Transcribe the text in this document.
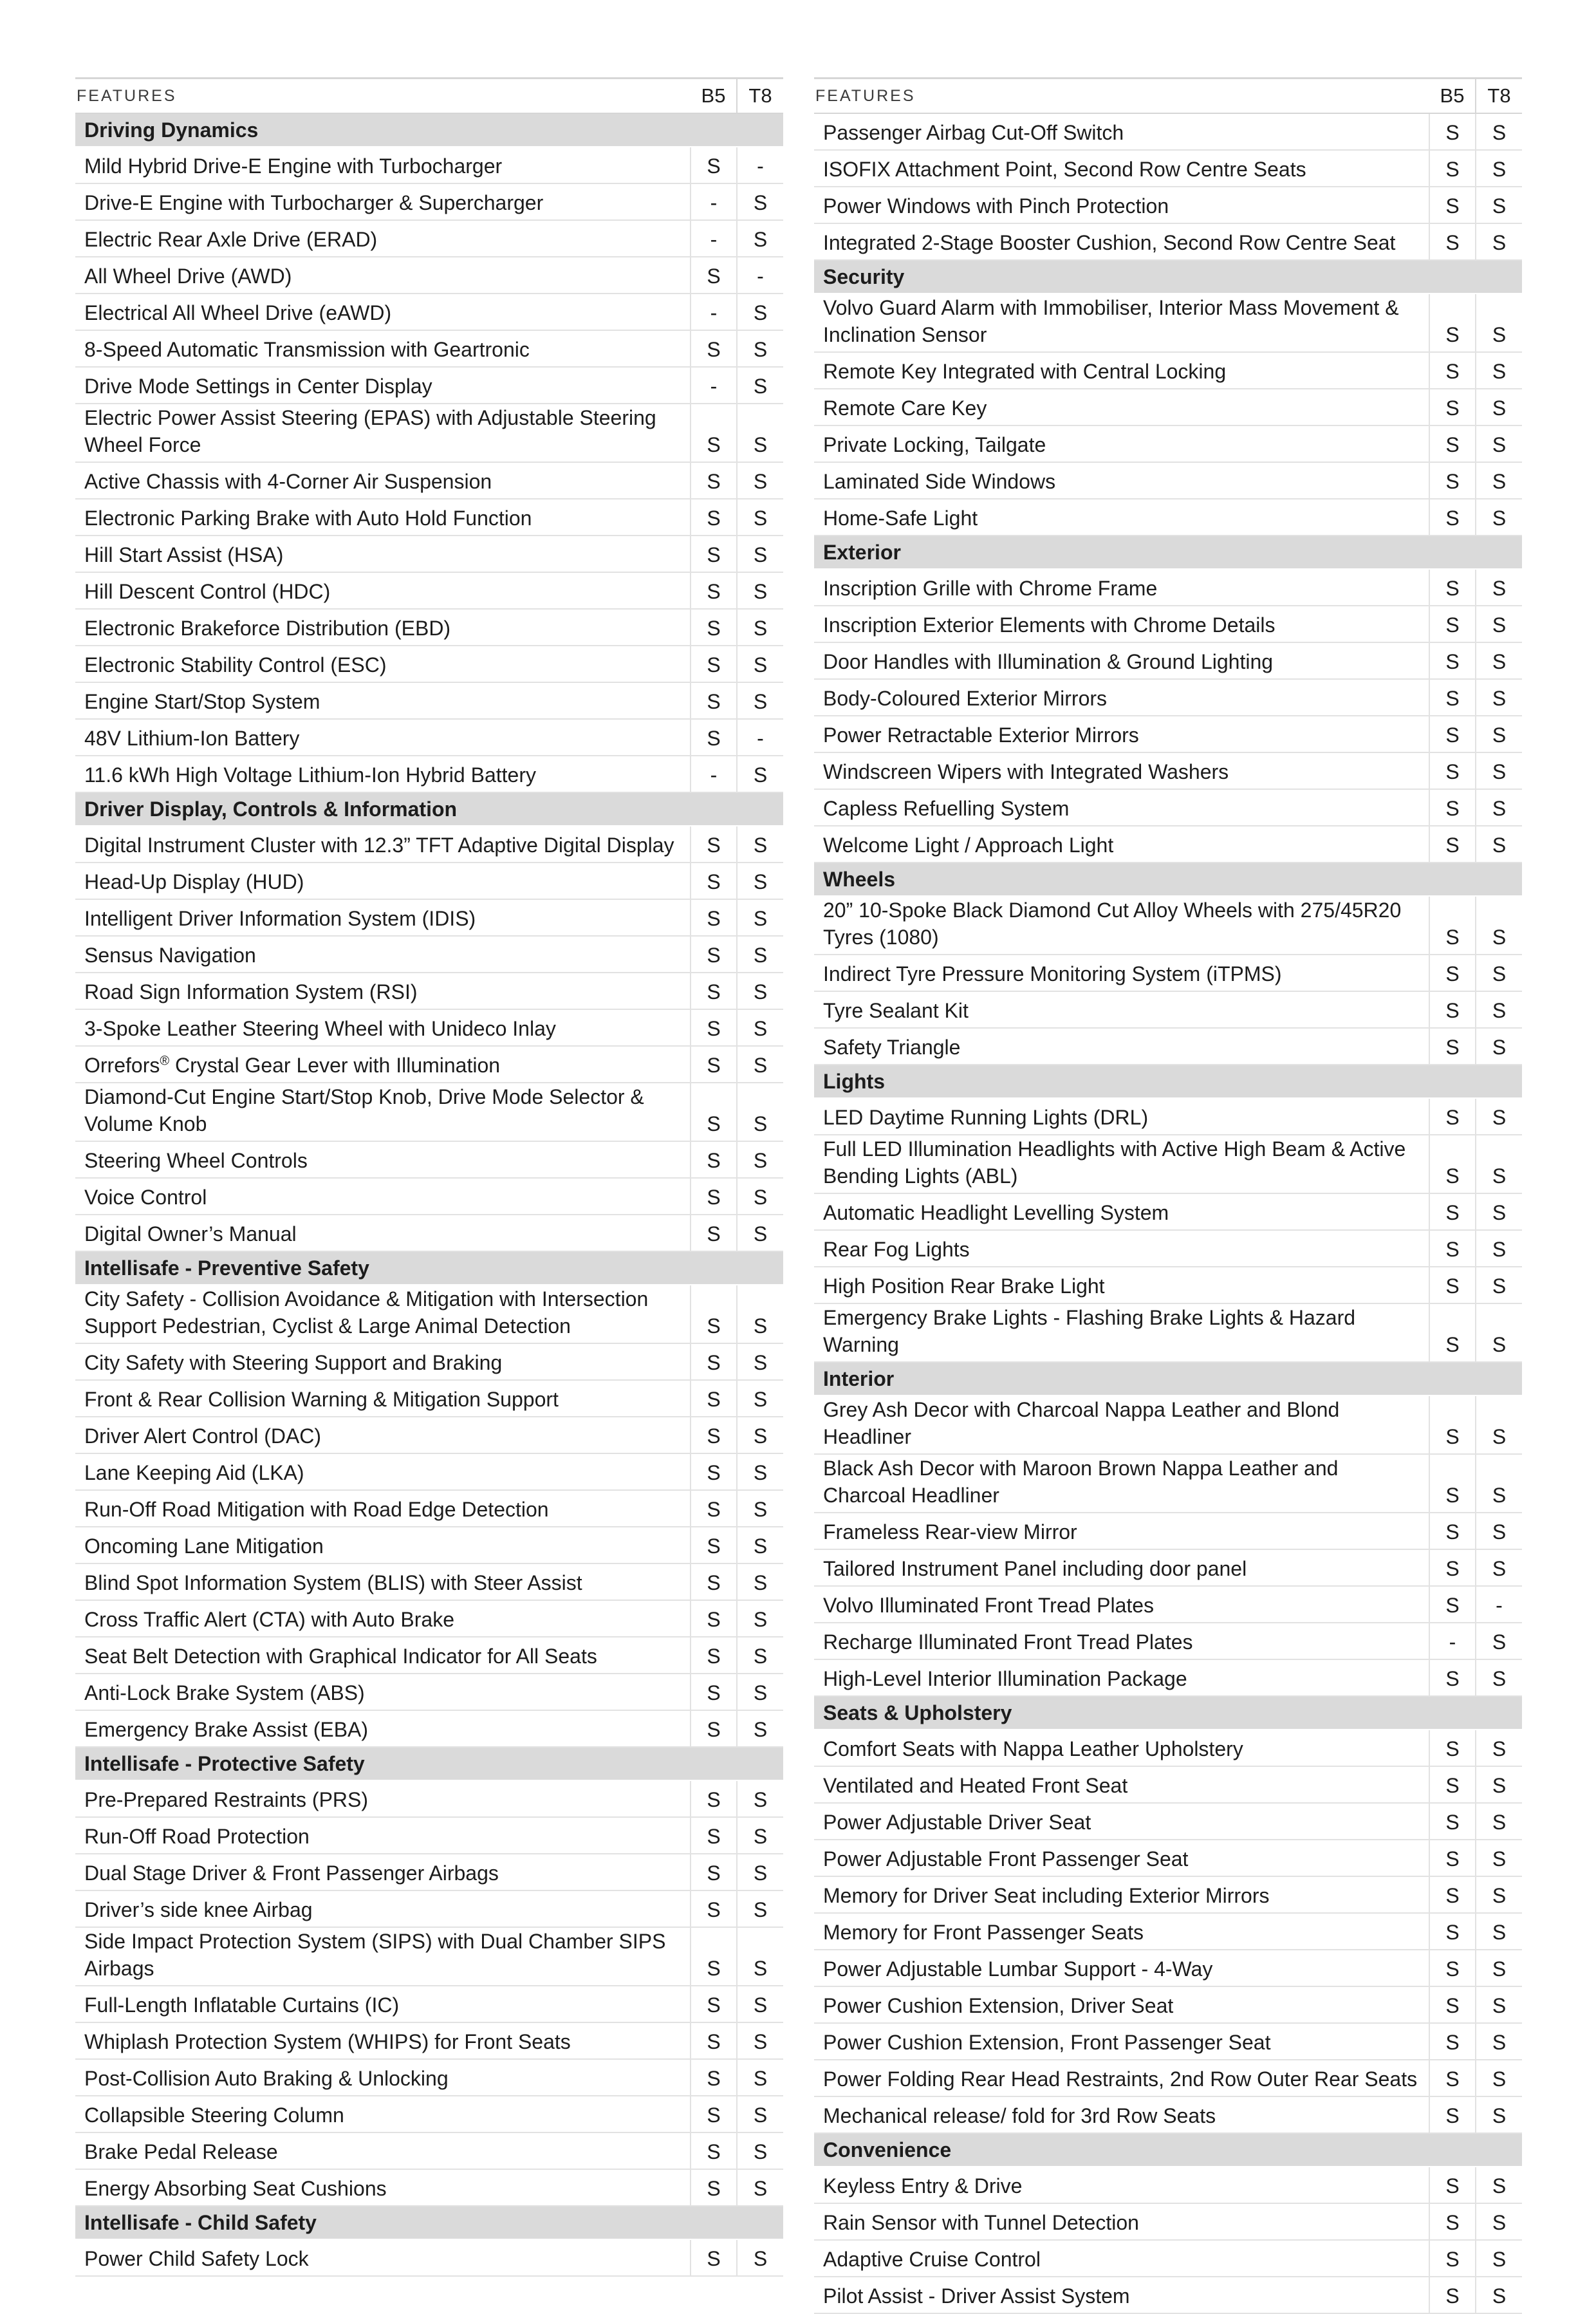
FEATURES	B5	T8
Driving Dynamics		
Mild Hybrid Drive-E Engine with Turbocharger	S	-
Drive-E Engine with Turbocharger & Supercharger	-	S
Electric Rear Axle Drive (ERAD)	-	S
All Wheel Drive (AWD)	S	-
Electrical All Wheel Drive (eAWD)	-	S
8-Speed Automatic Transmission with Geartronic	S	S
Drive Mode Settings in Center Display	-	S
Electric Power Assist Steering (EPAS) with Adjustable Steering Wheel Force	S	S
Active Chassis with 4-Corner Air Suspension	S	S
Electronic Parking Brake with Auto Hold Function	S	S
Hill Start Assist (HSA)	S	S
Hill Descent Control (HDC)	S	S
Electronic Brakeforce Distribution (EBD)	S	S
Electronic Stability Control (ESC)	S	S
Engine Start/Stop System	S	S
48V Lithium-Ion Battery	S	-
11.6 kWh High Voltage Lithium-Ion Hybrid Battery	-	S
Driver Display, Controls & Information		
Digital Instrument Cluster with 12.3” TFT Adaptive Digital Display	S	S
Head-Up Display (HUD)	S	S
Intelligent Driver Information System (IDIS)	S	S
Sensus Navigation	S	S
Road Sign Information System (RSI)	S	S
3-Spoke Leather Steering Wheel with Unideco Inlay	S	S
Orrefors® Crystal Gear Lever with Illumination	S	S
Diamond-Cut Engine Start/Stop Knob, Drive Mode Selector & Volume Knob	S	S
Steering Wheel Controls	S	S
Voice Control	S	S
Digital Owner’s Manual	S	S
Intellisafe - Preventive Safety		
City Safety - Collision Avoidance & Mitigation with Intersection Support Pedestrian, Cyclist & Large Animal Detection	S	S
City Safety with Steering Support and Braking	S	S
Front & Rear Collision Warning & Mitigation Support	S	S
Driver Alert Control (DAC)	S	S
Lane Keeping Aid (LKA)	S	S
Run-Off Road Mitigation with Road Edge Detection	S	S
Oncoming Lane Mitigation	S	S
Blind Spot Information System (BLIS) with Steer Assist	S	S
Cross Traffic Alert (CTA) with Auto Brake	S	S
Seat Belt Detection with Graphical Indicator for All Seats	S	S
Anti-Lock Brake System (ABS)	S	S
Emergency Brake Assist (EBA)	S	S
Intellisafe - Protective Safety		
Pre-Prepared Restraints (PRS)	S	S
Run-Off Road Protection	S	S
Dual Stage Driver & Front Passenger Airbags	S	S
Driver’s side knee Airbag	S	S
Side Impact Protection System (SIPS) with Dual Chamber SIPS Airbags	S	S
Full-Length Inflatable Curtains (IC)	S	S
Whiplash Protection System (WHIPS) for Front Seats	S	S
Post-Collision Auto Braking & Unlocking	S	S
Collapsible Steering Column	S	S
Brake Pedal Release	S	S
Energy Absorbing Seat Cushions	S	S
Intellisafe - Child Safety		
Power Child Safety Lock	S	S
FEATURES	B5	T8
Passenger Airbag Cut-Off Switch	S	S
ISOFIX Attachment Point, Second Row Centre Seats	S	S
Power Windows with Pinch Protection	S	S
Integrated 2-Stage Booster Cushion, Second Row Centre Seat	S	S
Security		
Volvo Guard Alarm with Immobiliser, Interior Mass Movement & Inclination Sensor	S	S
Remote Key Integrated with Central Locking	S	S
Remote Care Key	S	S
Private Locking, Tailgate	S	S
Laminated Side Windows	S	S
Home-Safe Light	S	S
Exterior		
Inscription Grille with Chrome Frame	S	S
Inscription Exterior Elements with Chrome Details	S	S
Door Handles with Illumination & Ground Lighting	S	S
Body-Coloured Exterior Mirrors	S	S
Power Retractable Exterior Mirrors	S	S
Windscreen Wipers with Integrated Washers	S	S
Capless Refuelling System	S	S
Welcome Light / Approach Light	S	S
Wheels		
20” 10-Spoke Black Diamond Cut Alloy Wheels with 275/45R20 Tyres (1080)	S	S
Indirect Tyre Pressure Monitoring System (iTPMS)	S	S
Tyre Sealant Kit	S	S
Safety Triangle	S	S
Lights		
LED Daytime Running Lights (DRL)	S	S
Full LED Illumination Headlights with Active High Beam & Active Bending Lights (ABL)	S	S
Automatic Headlight Levelling System	S	S
Rear Fog Lights	S	S
High Position Rear Brake Light	S	S
Emergency Brake Lights - Flashing Brake Lights & Hazard Warning	S	S
Interior		
Grey Ash Decor with Charcoal Nappa Leather and Blond Headliner	S	S
Black Ash Decor with Maroon Brown Nappa Leather and Charcoal Headliner	S	S
Frameless Rear-view Mirror	S	S
Tailored Instrument Panel including door panel	S	S
Volvo Illuminated Front Tread Plates	S	-
Recharge Illuminated Front Tread Plates	-	S
High-Level Interior Illumination Package	S	S
Seats & Upholstery		
Comfort Seats with Nappa Leather Upholstery	S	S
Ventilated and Heated Front Seat	S	S
Power Adjustable Driver Seat	S	S
Power Adjustable Front Passenger Seat	S	S
Memory for Driver Seat including Exterior Mirrors	S	S
Memory for Front Passenger Seats	S	S
Power Adjustable Lumbar Support - 4-Way	S	S
Power Cushion Extension, Driver Seat	S	S
Power Cushion Extension, Front Passenger Seat	S	S
Power Folding Rear Head Restraints, 2nd Row Outer Rear Seats	S	S
Mechanical release/ fold for 3rd Row Seats	S	S
Convenience		
Keyless Entry & Drive	S	S
Rain Sensor with Tunnel Detection	S	S
Adaptive Cruise Control	S	S
Pilot Assist - Driver Assist System	S	S
